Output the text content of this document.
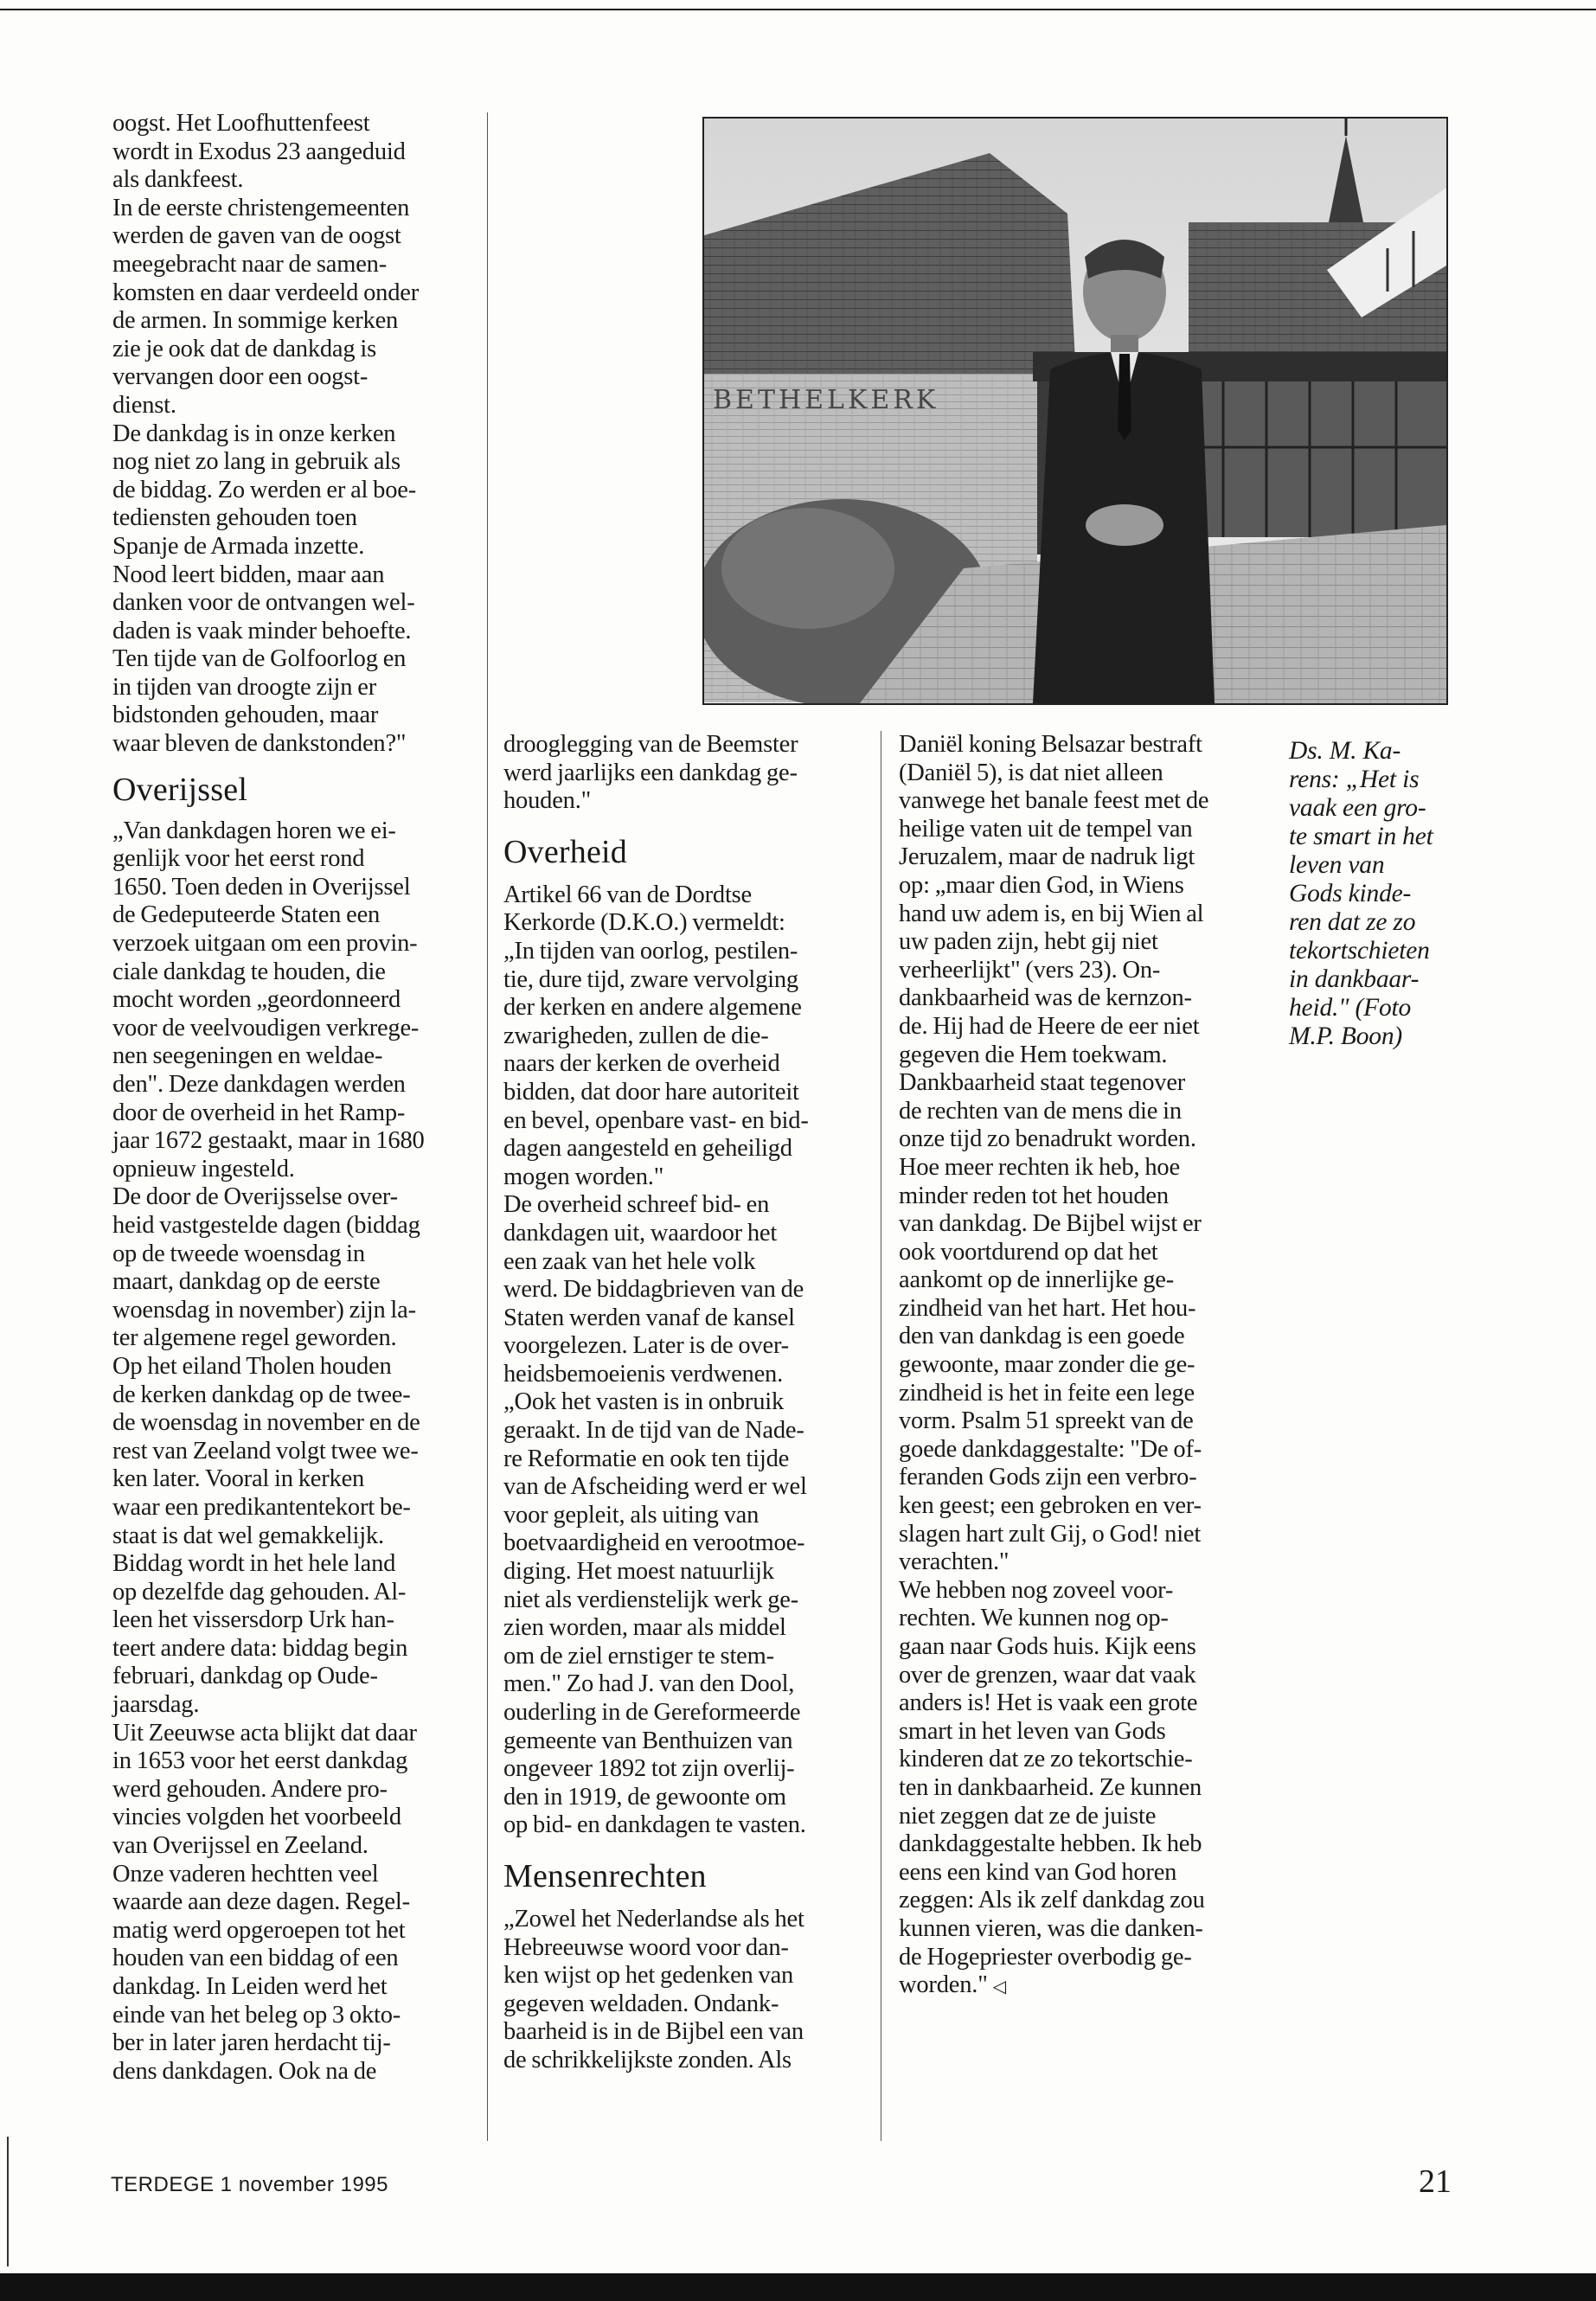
oogst. Het Loofhuttenfeest
wordt in Exodus 23 aangeduid
als dankfeest.
In de eerste christengemeenten
werden de gaven van de oogst
meegebracht naar de samen-
komsten en daar verdeeld onder
de armen. In sommige kerken
zie je ook dat de dankdag is
vervangen door een oogst-
dienst.
De dankdag is in onze kerken
nog niet zo lang in gebruik als
de biddag. Zo werden er al boe-
tediensten gehouden toen
Spanje de Armada inzette.
Nood leert bidden, maar aan
danken voor de ontvangen wel-
daden is vaak minder behoefte.
Ten tijde van de Golfoorlog en
in tijden van droogte zijn er
bidstonden gehouden, maar
waar bleven de dankstonden?"

Overijssel

„Van dankdagen horen we ei-
genlijk voor het eerst rond
1650. Toen deden in Overijssel
de Gedeputeerde Staten een
verzoek uitgaan om een provin-
ciale dankdag te houden, die
mocht worden „geordonneerd
voor de veelvoudigen verkrege-
nen seegeningen en weldae-
den". Deze dankdagen werden
door de overheid in het Ramp-
jaar 1672 gestaakt, maar in 1680
opnieuw ingesteld.
De door de Overijsselse over-
heid vastgestelde dagen (biddag
op de tweede woensdag in
maart, dankdag op de eerste
woensdag in november) zijn la-
ter algemene regel geworden.
Op het eiland Tholen houden
de kerken dankdag op de twee-
de woensdag in november en de
rest van Zeeland volgt twee we-
ken later. Vooral in kerken
waar een predikantentekort be-
staat is dat wel gemakkelijk.
Biddag wordt in het hele land
op dezelfde dag gehouden. Al-
leen het vissersdorp Urk han-
teert andere data: biddag begin
februari, dankdag op Oude-
jaarsdag.
Uit Zeeuwse acta blijkt dat daar
in 1653 voor het eerst dankdag
werd gehouden. Andere pro-
vincies volgden het voorbeeld
van Overijssel en Zeeland.
Onze vaderen hechtten veel
waarde aan deze dagen. Regel-
matig werd opgeroepen tot het
houden van een biddag of een
dankdag. In Leiden werd het
einde van het beleg op 3 okto-
ber in later jaren herdacht tij-
dens dankdagen. Ook na de

BETHELKERK

drooglegging van de Beemster
werd jaarlijks een dankdag ge-
houden."

Overheid

Artikel 66 van de Dordtse
Kerkorde (D.K.O.) vermeldt:
„In tijden van oorlog, pestilen-
tie, dure tijd, zware vervolging
der kerken en andere algemene
zwarigheden, zullen de die-
naars der kerken de overheid
bidden, dat door hare autoriteit
en bevel, openbare vast- en bid-
dagen aangesteld en geheiligd
mogen worden."
De overheid schreef bid- en
dankdagen uit, waardoor het
een zaak van het hele volk
werd. De biddagbrieven van de
Staten werden vanaf de kansel
voorgelezen. Later is de over-
heidsbemoeienis verdwenen.
„Ook het vasten is in onbruik
geraakt. In de tijd van de Nade-
re Reformatie en ook ten tijde
van de Afscheiding werd er wel
voor gepleit, als uiting van
boetvaardigheid en verootmoe-
diging. Het moest natuurlijk
niet als verdienstelijk werk ge-
zien worden, maar als middel
om de ziel ernstiger te stem-
men." Zo had J. van den Dool,
ouderling in de Gereformeerde
gemeente van Benthuizen van
ongeveer 1892 tot zijn overlij-
den in 1919, de gewoonte om
op bid- en dankdagen te vasten.

Mensenrechten

„Zowel het Nederlandse als het
Hebreeuwse woord voor dan-
ken wijst op het gedenken van
gegeven weldaden. Ondank-
baarheid is in de Bijbel een van
de schrikkelijkste zonden. Als

Daniël koning Belsazar bestraft
(Daniël 5), is dat niet alleen
vanwege het banale feest met de
heilige vaten uit de tempel van
Jeruzalem, maar de nadruk ligt
op: „maar dien God, in Wiens
hand uw adem is, en bij Wien al
uw paden zijn, hebt gij niet
verheerlijkt" (vers 23). On-
dankbaarheid was de kernzon-
de. Hij had de Heere de eer niet
gegeven die Hem toekwam.
Dankbaarheid staat tegenover
de rechten van de mens die in
onze tijd zo benadrukt worden.
Hoe meer rechten ik heb, hoe
minder reden tot het houden
van dankdag. De Bijbel wijst er
ook voortdurend op dat het
aankomt op de innerlijke ge-
zindheid van het hart. Het hou-
den van dankdag is een goede
gewoonte, maar zonder die ge-
zindheid is het in feite een lege
vorm. Psalm 51 spreekt van de
goede dankdaggestalte: "De of-
feranden Gods zijn een verbro-
ken geest; een gebroken en ver-
slagen hart zult Gij, o God! niet
verachten."
We hebben nog zoveel voor-
rechten. We kunnen nog op-
gaan naar Gods huis. Kijk eens
over de grenzen, waar dat vaak
anders is! Het is vaak een grote
smart in het leven van Gods
kinderen dat ze zo tekortschie-
ten in dankbaarheid. Ze kunnen
niet zeggen dat ze de juiste
dankdaggestalte hebben. Ik heb
eens een kind van God horen
zeggen: Als ik zelf dankdag zou
kunnen vieren, was die danken-
de Hogepriester overbodig ge-
worden." ◁

Ds. M. Ka-
rens: „Het is
vaak een gro-
te smart in het
leven van
Gods kinde-
ren dat ze zo
tekortschieten
in dankbaar-
heid." (Foto
M.P. Boon)
TERDEGE 1 november 1995	21
